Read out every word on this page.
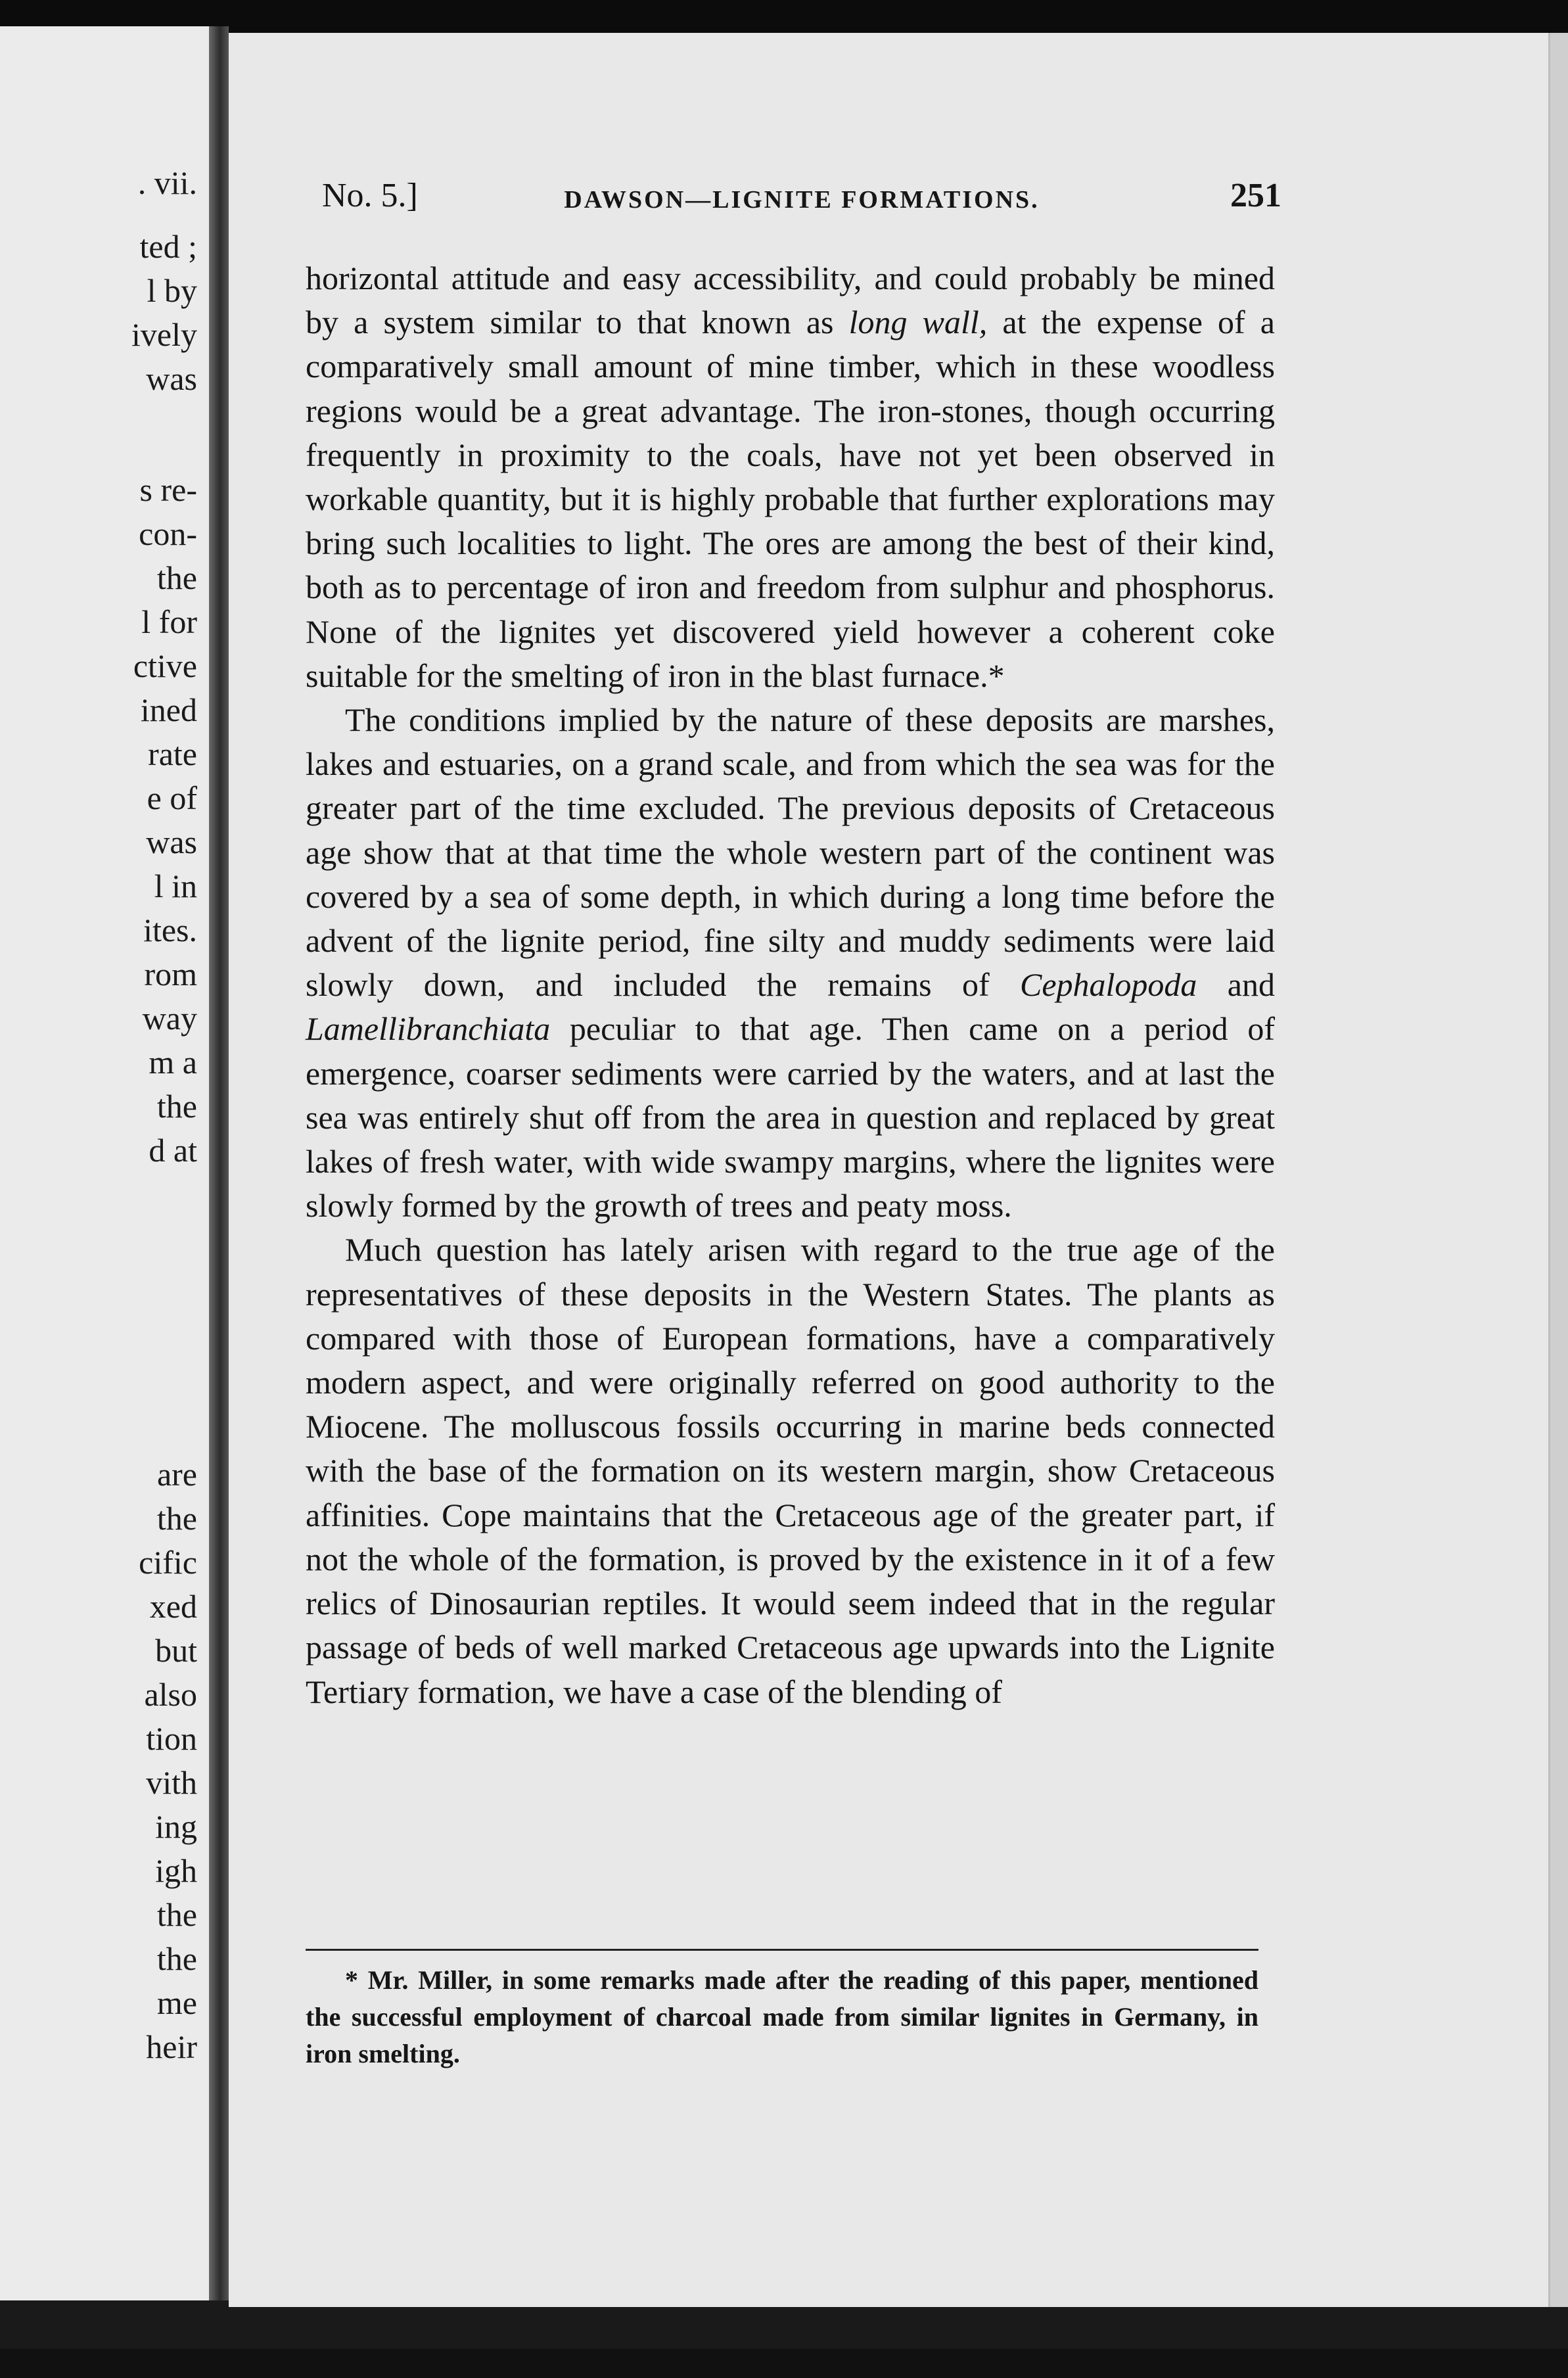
. vii.
ted ;
l by
ively
was
s re-
con-
the
l for
ctive
ined
rate
e of
was
l in
ites.
rom
way
m a
the
d at
are
the
cific
xed
but
also
tion
vith
ing
igh
the
the
me
heir
No. 5.]	DAWSON—LIGNITE FORMATIONS.	251

horizontal attitude and easy accessibility, and could probably be mined by a system similar to that known as long wall, at the expense of a comparatively small amount of mine timber, which in these woodless regions would be a great advantage. The iron-stones, though occurring frequently in proximity to the coals, have not yet been observed in workable quantity, but it is highly probable that further explorations may bring such localities to light. The ores are among the best of their kind, both as to percentage of iron and freedom from sulphur and phosphorus. None of the lignites yet discovered yield however a coherent coke suitable for the smelting of iron in the blast furnace.*

The conditions implied by the nature of these deposits are marshes, lakes and estuaries, on a grand scale, and from which the sea was for the greater part of the time excluded. The previous deposits of Cretaceous age show that at that time the whole western part of the continent was covered by a sea of some depth, in which during a long time before the advent of the lignite period, fine silty and muddy sediments were laid slowly down, and included the remains of Cephalopoda and Lamellibranchiata peculiar to that age. Then came on a period of emergence, coarser sediments were carried by the waters, and at last the sea was entirely shut off from the area in question and replaced by great lakes of fresh water, with wide swampy margins, where the lignites were slowly formed by the growth of trees and peaty moss.

Much question has lately arisen with regard to the true age of the representatives of these deposits in the Western States. The plants as compared with those of European formations, have a comparatively modern aspect, and were originally referred on good authority to the Miocene. The molluscous fossils occurring in marine beds connected with the base of the formation on its western margin, show Cretaceous affinities. Cope maintains that the Cretaceous age of the greater part, if not the whole of the formation, is proved by the existence in it of a few relics of Dinosaurian reptiles. It would seem indeed that in the regular passage of beds of well marked Cretaceous age upwards into the Lignite Tertiary formation, we have a case of the blending of

* Mr. Miller, in some remarks made after the reading of this paper, mentioned the successful employment of charcoal made from similar lignites in Germany, in iron smelting.
